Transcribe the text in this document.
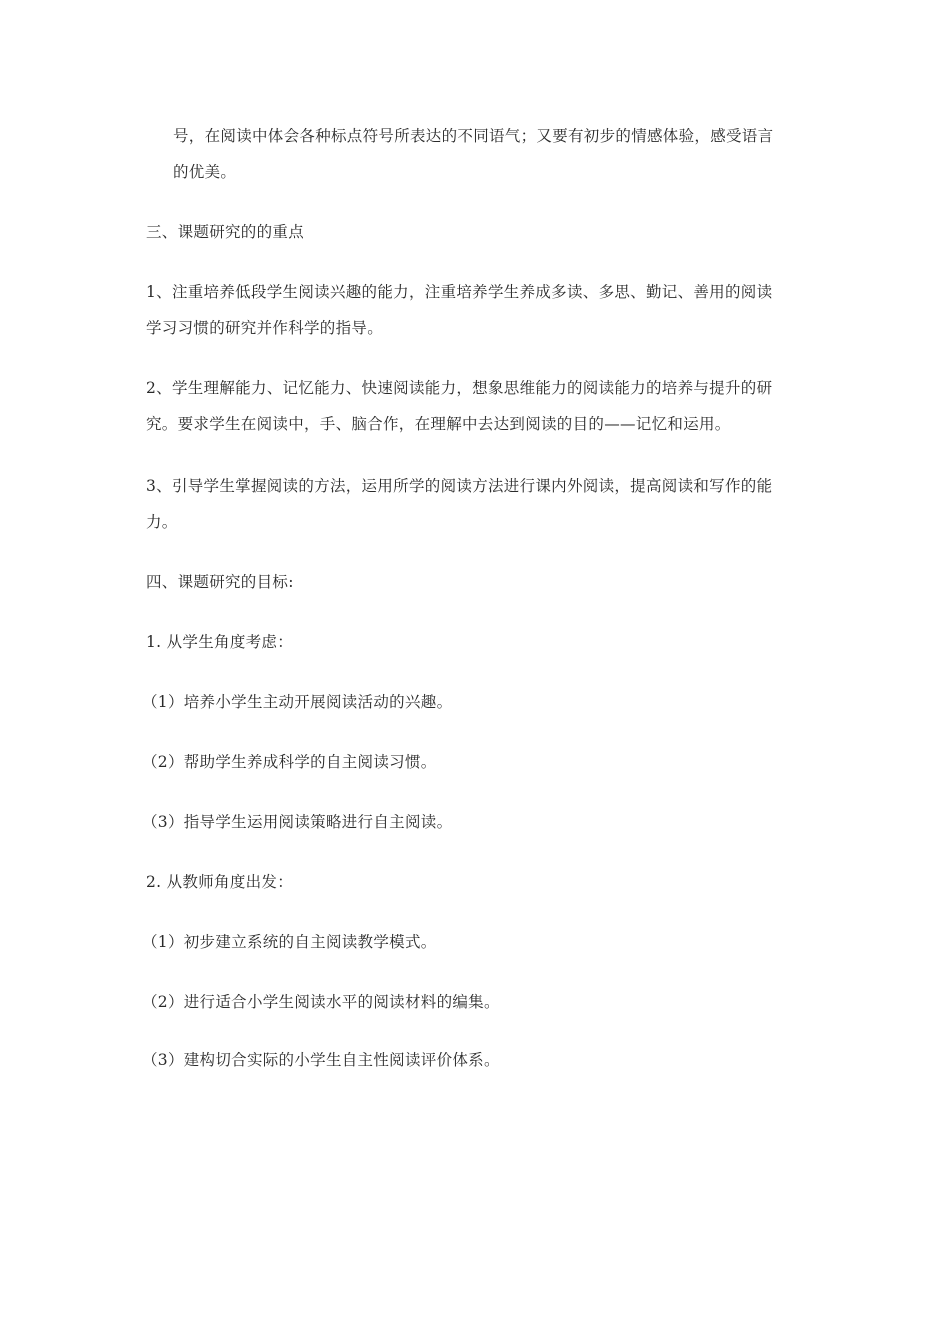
号，在阅读中体会各种标点符号所表达的不同语气；又要有初步的情感体验，感受语言
的优美。
三、课题研究的的重点
1、注重培养低段学生阅读兴趣的能力，注重培养学生养成多读、多思、勤记、善用的阅读
学习习惯的研究并作科学的指导。
2、学生理解能力、记忆能力、快速阅读能力，想象思维能力的阅读能力的培养与提升的研
究。要求学生在阅读中，手、脑合作，在理解中去达到阅读的目的——记忆和运用。
3、引导学生掌握阅读的方法，运用所学的阅读方法进行课内外阅读，提高阅读和写作的能
力。
四、课题研究的目标:
1. 从学生角度考虑：
（1）培养小学生主动开展阅读活动的兴趣。
（2）帮助学生养成科学的自主阅读习惯。
（3）指导学生运用阅读策略进行自主阅读。
2. 从教师角度出发：
（1）初步建立系统的自主阅读教学模式。
（2）进行适合小学生阅读水平的阅读材料的编集。
（3）建构切合实际的小学生自主性阅读评价体系。
